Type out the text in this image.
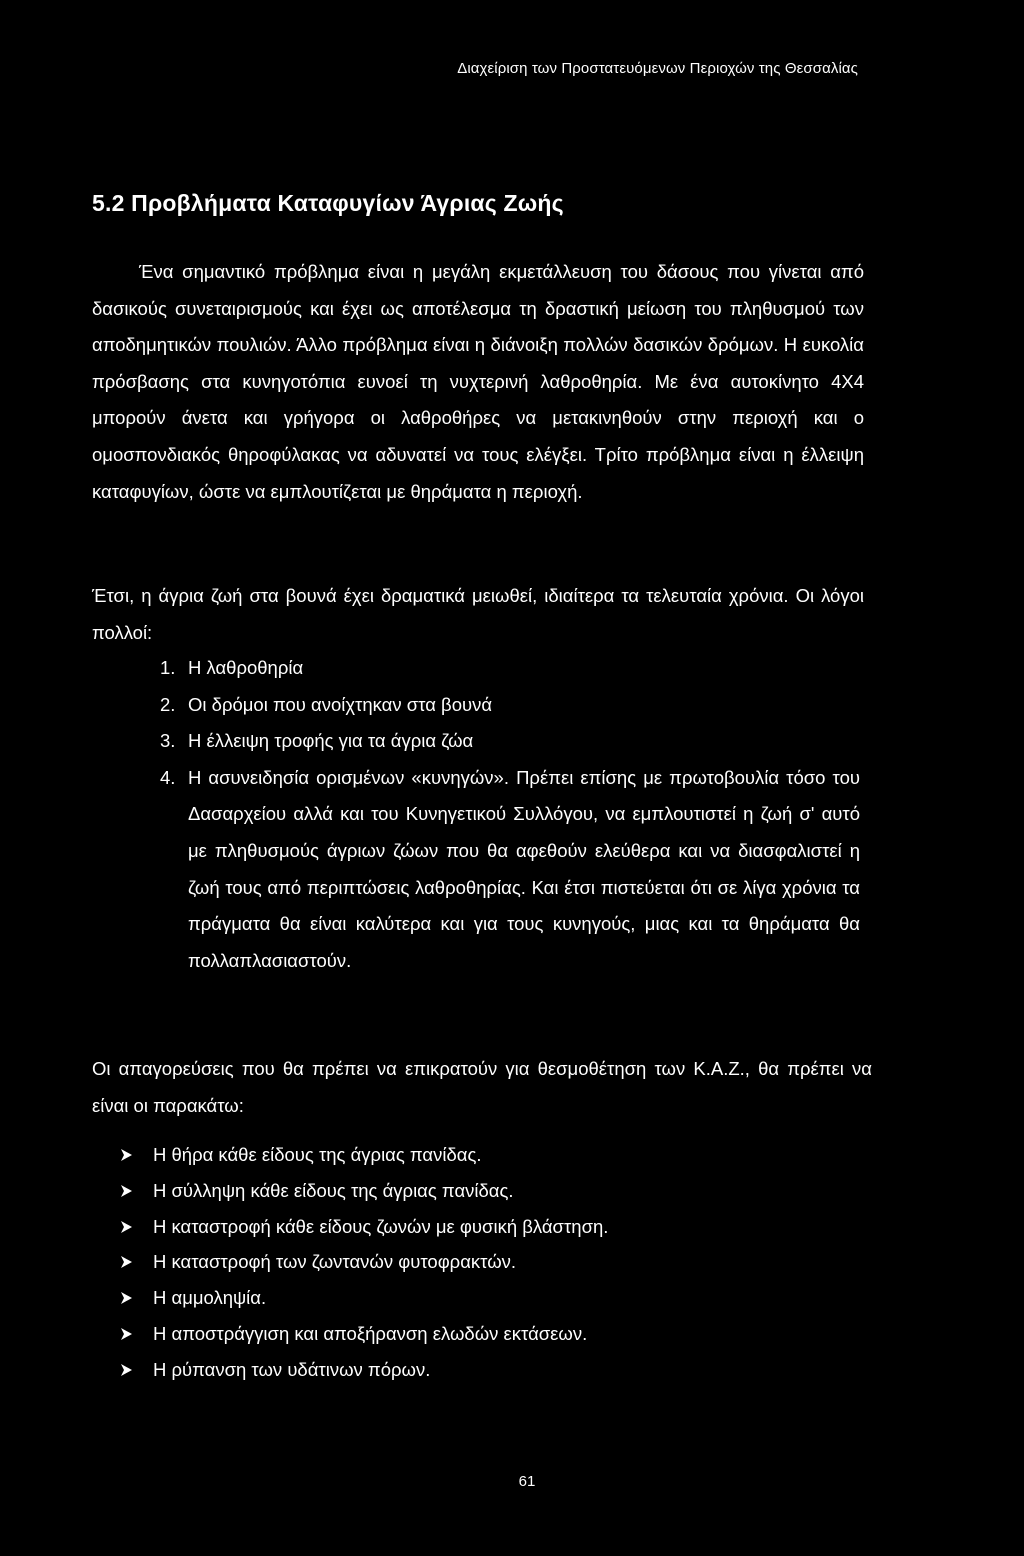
Διαχείριση των Προστατευόμενων Περιοχών της Θεσσαλίας
5.2 Προβλήματα Καταφυγίων Άγριας Ζωής

Ένα σημαντικό πρόβλημα είναι η μεγάλη εκμετάλλευση του δάσους που γίνεται από δασικούς συνεταιρισμούς και έχει ως αποτέλεσμα τη δραστική μείωση του πληθυσμού των αποδημητικών πουλιών. Άλλο πρόβλημα είναι η διάνοιξη πολλών δασικών δρόμων. Η ευκολία πρόσβασης στα κυνηγοτόπια ευνοεί τη νυχτερινή λαθροθηρία. Με ένα αυτοκίνητο 4Χ4 μπορούν άνετα και γρήγορα οι λαθροθήρες να μετακινηθούν στην περιοχή και ο ομοσπονδιακός θηροφύλακας να αδυνατεί να τους ελέγξει. Τρίτο πρόβλημα είναι η έλλειψη καταφυγίων, ώστε να εμπλουτίζεται με θηράματα η περιοχή.

Έτσι, η άγρια ζωή στα βουνά έχει δραματικά μειωθεί, ιδιαίτερα τα τελευταία χρόνια. Οι λόγοι πολλοί:

1. Η λαθροθηρία
2. Οι δρόμοι που ανοίχτηκαν στα βουνά
3. Η έλλειψη τροφής για τα άγρια ζώα
4. Η ασυνειδησία ορισμένων «κυνηγών». Πρέπει επίσης με πρωτοβουλία τόσο του Δασαρχείου αλλά και του Κυνηγετικού Συλλόγου, να εμπλουτιστεί η ζωή σ' αυτό με πληθυσμούς άγριων ζώων που θα αφεθούν ελεύθερα και να διασφαλιστεί η ζωή τους από περιπτώσεις λαθροθηρίας. Και έτσι πιστεύεται ότι σε λίγα χρόνια τα πράγματα θα είναι καλύτερα και για τους κυνηγούς, μιας και τα θηράματα θα πολλαπλασιαστούν.

Οι απαγορεύσεις που θα πρέπει να επικρατούν για θεσμοθέτηση των Κ.Α.Ζ., θα πρέπει να είναι οι παρακάτω:

Η θήρα κάθε είδους της άγριας πανίδας.
Η σύλληψη κάθε είδους της άγριας πανίδας.
Η καταστροφή κάθε είδους ζωνών με φυσική βλάστηση.
Η καταστροφή των ζωντανών φυτοφρακτών.
Η αμμοληψία.
Η αποστράγγιση και αποξήρανση ελωδών εκτάσεων.
Η ρύπανση των υδάτινων πόρων.
61
